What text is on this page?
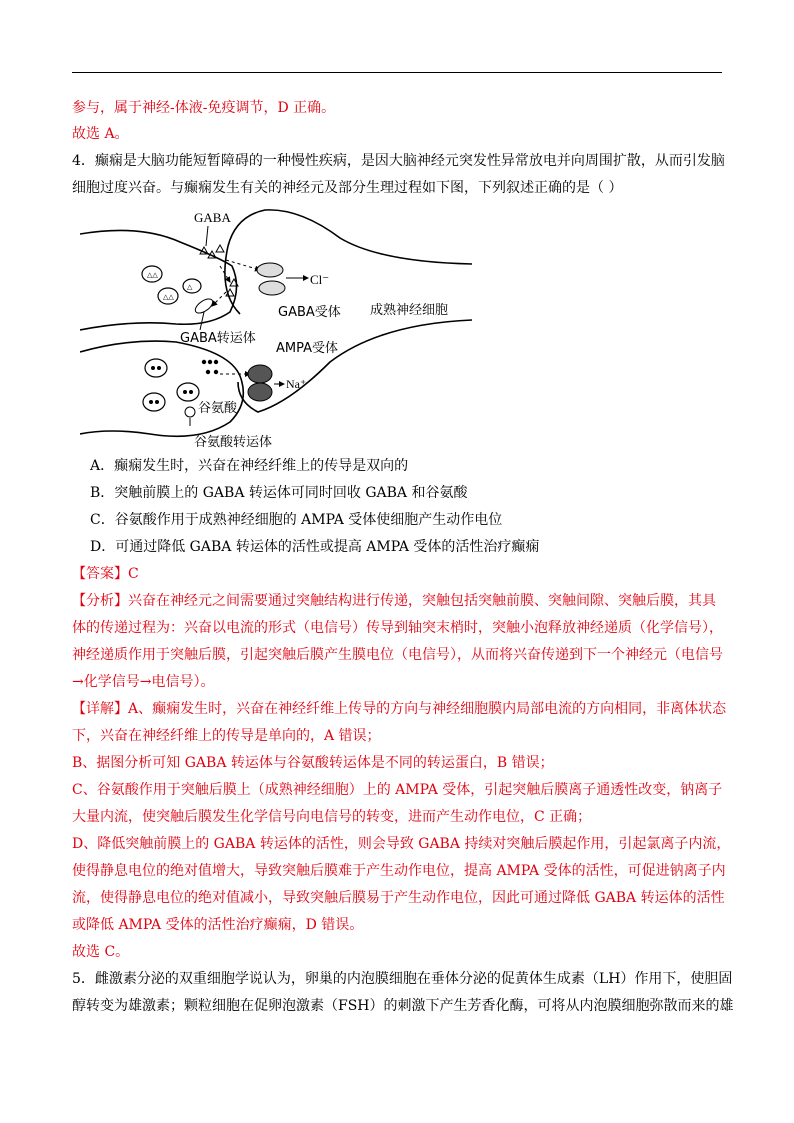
参与，属于神经-体液-免疫调节，D 正确。
故选 A。
4．癫痫是大脑功能短暂障碍的一种慢性疾病，是因大脑神经元突发性异常放电并向周围扩散，从而引发脑
细胞过度兴奋。与癫痫发生有关的神经元及部分生理过程如下图，下列叙述正确的是（ ）
△△
△△
△
GABA
Cl⁻
GABA受体 成熟神经细胞
GABA转运体
AMPA受体
Na⁺
谷氨酸
谷氨酸转运体
A．癫痫发生时，兴奋在神经纤维上的传导是双向的
B．突触前膜上的 GABA 转运体可同时回收 GABA 和谷氨酸
C．谷氨酸作用于成熟神经细胞的 AMPA 受体使细胞产生动作电位
D．可通过降低 GABA 转运体的活性或提高 AMPA 受体的活性治疗癫痫
【答案】C
【分析】兴奋在神经元之间需要通过突触结构进行传递，突触包括突触前膜、突触间隙、突触后膜，其具
体的传递过程为：兴奋以电流的形式（电信号）传导到轴突末梢时，突触小泡释放神经递质（化学信号），
神经递质作用于突触后膜，引起突触后膜产生膜电位（电信号），从而将兴奋传递到下一个神经元（电信号
→化学信号→电信号）。
【详解】A、癫痫发生时，兴奋在神经纤维上传导的方向与神经细胞膜内局部电流的方向相同，非离体状态
下，兴奋在神经纤维上的传导是单向的，A 错误；
B、据图分析可知 GABA 转运体与谷氨酸转运体是不同的转运蛋白，B 错误；
C、谷氨酸作用于突触后膜上（成熟神经细胞）上的 AMPA 受体，引起突触后膜离子通透性改变，钠离子
大量内流，使突触后膜发生化学信号向电信号的转变，进而产生动作电位，C 正确；
D、降低突触前膜上的 GABA 转运体的活性，则会导致 GABA 持续对突触后膜起作用，引起氯离子内流，
使得静息电位的绝对值增大，导致突触后膜难于产生动作电位，提高 AMPA 受体的活性，可促进钠离子内
流，使得静息电位的绝对值减小，导致突触后膜易于产生动作电位，因此可通过降低 GABA 转运体的活性
或降低 AMPA 受体的活性治疗癫痫，D 错误。
故选 C。
5．雌激素分泌的双重细胞学说认为，卵巢的内泡膜细胞在垂体分泌的促黄体生成素（LH）作用下，使胆固
醇转变为雄激素；颗粒细胞在促卵泡激素（FSH）的刺激下产生芳香化酶，可将从内泡膜细胞弥散而来的雄
